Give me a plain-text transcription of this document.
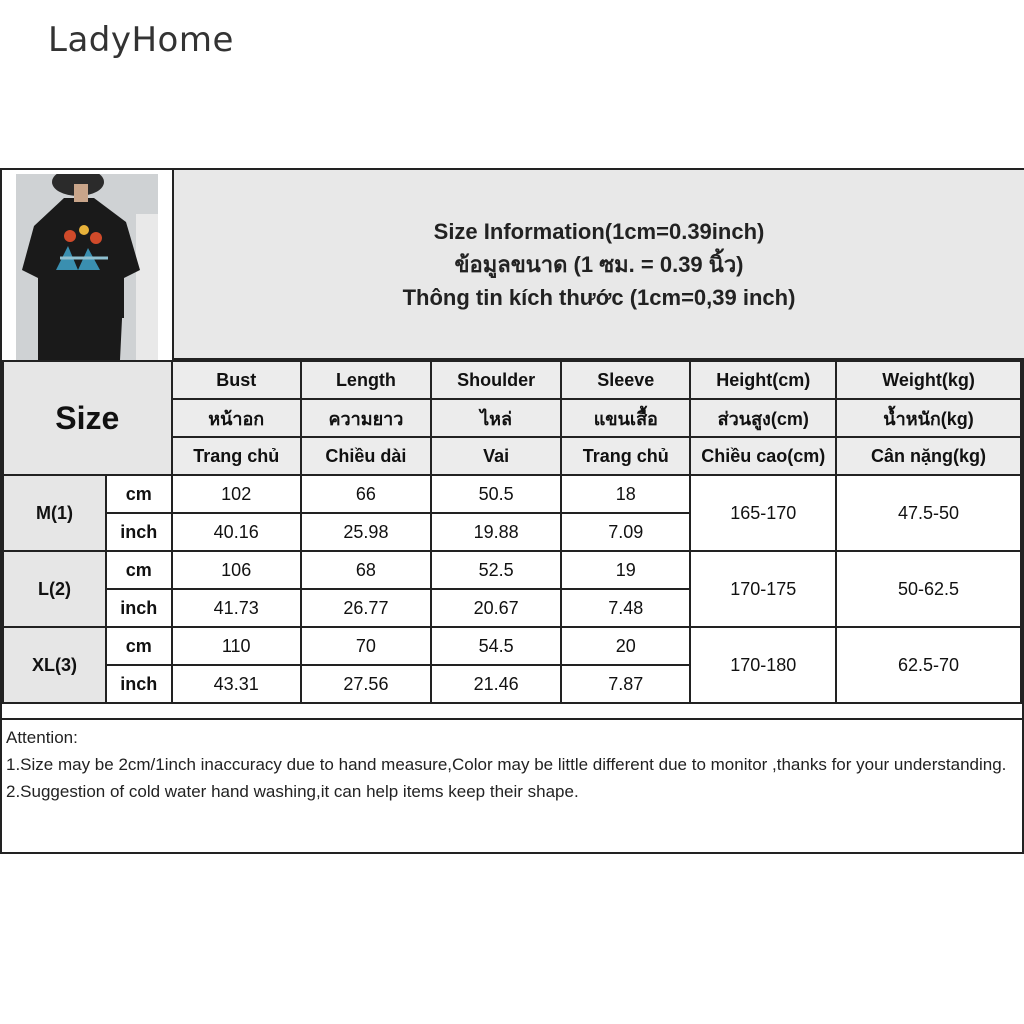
LadyHome
Size Information(1cm=0.39inch)
ข้อมูลขนาด (1 ซม. = 0.39 นิ้ว)
Thông tin kích thước (1cm=0,39 inch)
Size		Bust	Length	Shoulder	Sleeve	Height(cm)	Weight(kg)
		หน้าอก	ความยาว	ไหล่	แขนเสื้อ	ส่วนสูง(cm)	น้ำหนัก(kg)
		Trang chủ	Chiều dài	Vai	Trang chủ	Chiều cao(cm)	Cân nặng(kg)
M(1)	cm	102	66	50.5	18	165-170	47.5-50
	inch	40.16	25.98	19.88	7.09		
L(2)	cm	106	68	52.5	19	170-175	50-62.5
	inch	41.73	26.77	20.67	7.48		
XL(3)	cm	110	70	54.5	20	170-180	62.5-70
	inch	43.31	27.56	21.46	7.87		
Attention:
1.Size may be 2cm/1inch inaccuracy due to hand measure,Color may be little different due to monitor ,thanks for your understanding.
2.Suggestion of cold water hand washing,it can help items keep their shape.
